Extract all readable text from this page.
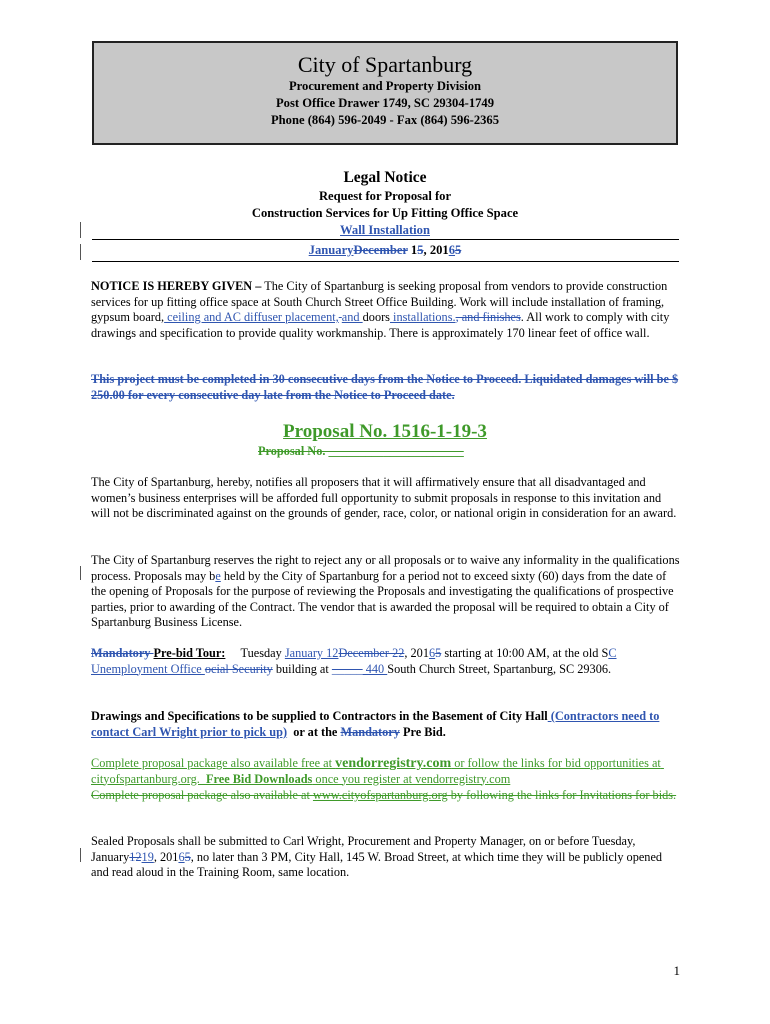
City of Spartanburg
Procurement and Property Division
Post Office Drawer 1749, SC 29304-1749
Phone (864) 596-2049 - Fax (864) 596-2365
Legal Notice
Request for Proposal for
Construction Services for Up Fitting Office Space
Wall Installation
JanuaryDecember 15, 20165
NOTICE IS HEREBY GIVEN – The City of Spartanburg is seeking proposal from vendors to provide construction services for up fitting office space at South Church Street Office Building. Work will include installation of framing, gypsum board, ceiling and AC diffuser placement, and doors installations., and finishes. All work to comply with city drawings and specification to provide quality workmanship. There is approximately 170 linear feet of office wall.
This project must be completed in 30 consecutive days from the Notice to Proceed. Liquidated damages will be $ 250.00 for every consecutive day late from the Notice to Proceed date.
Proposal No. 1516-1-19-3
Proposal No. ______________________
The City of Spartanburg, hereby, notifies all proposers that it will affirmatively ensure that all disadvantaged and women’s business enterprises will be afforded full opportunity to submit proposals in response to this invitation and will not be discriminated against on the grounds of gender, race, color, or national origin in consideration for an award.
The City of Spartanburg reserves the right to reject any or all proposals or to waive any informality in the qualifications process. Proposals may be held by the City of Spartanburg for a period not to exceed sixty (60) days from the date of the opening of Proposals for the purpose of reviewing the Proposals and investigating the qualifications of prospective parties, prior to awarding of the Contract. The vendor that is awarded the proposal will be required to obtain a City of Spartanburg Business License.
Mandatory Pre-bid Tour:     Tuesday January 12December 22, 20165 starting at 10:00 AM, at the old SC Unemployment Office ocial Security building at _____ 440 South Church Street, Spartanburg, SC 29306.
Drawings and Specifications to be supplied to Contractors in the Basement of City Hall (Contractors need to contact Carl Wright prior to pick up)  or at the Mandatory Pre Bid.
Complete proposal package also available free at vendorregistry.com or follow the links for bid opportunities at cityofspartanburg.org.  Free Bid Downloads once you register at vendorregistry.com
Complete proposal package also available at www.cityofspartanburg.org by following the links for Invitations for bids.
Sealed Proposals shall be submitted to Carl Wright, Procurement and Property Manager, on or before Tuesday, January1219, 20165, no later than 3 PM, City Hall, 145 W. Broad Street, at which time they will be publicly opened and read aloud in the Training Room, same location.
1
